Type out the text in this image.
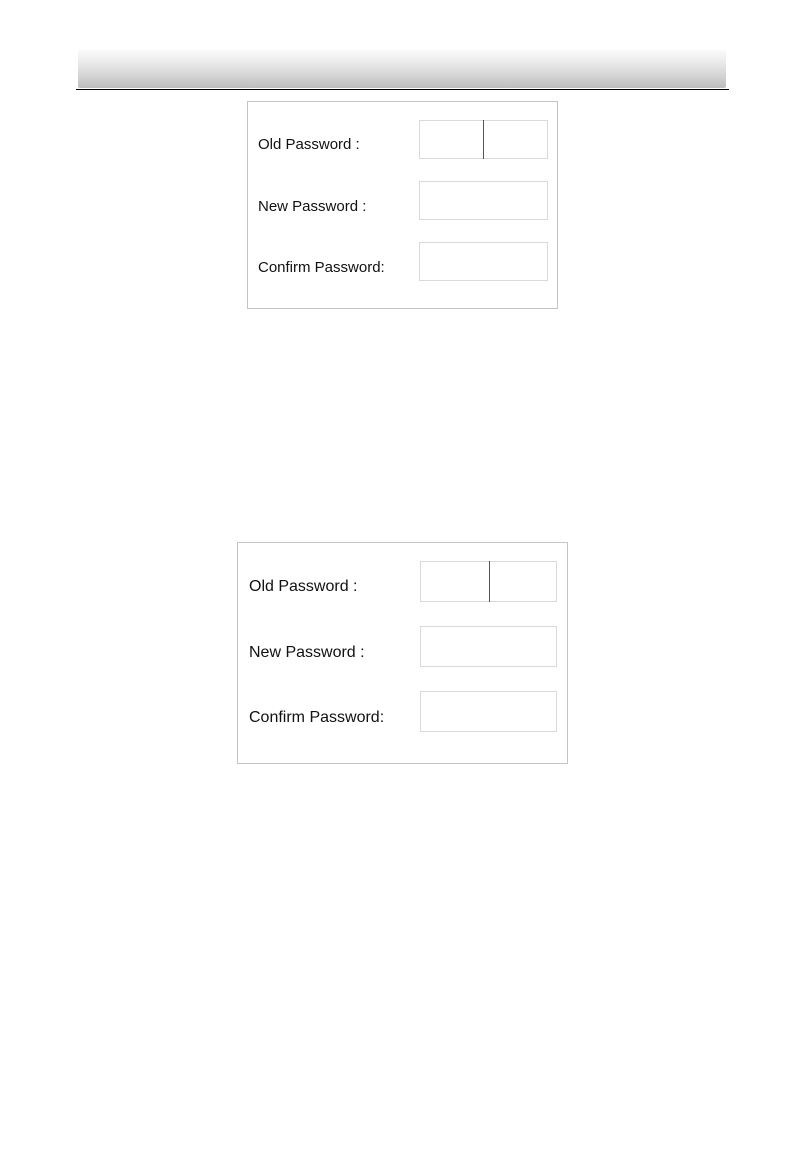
Old Password :
New Password :
Confirm Password:
Old Password :
New Password :
Confirm Password:
